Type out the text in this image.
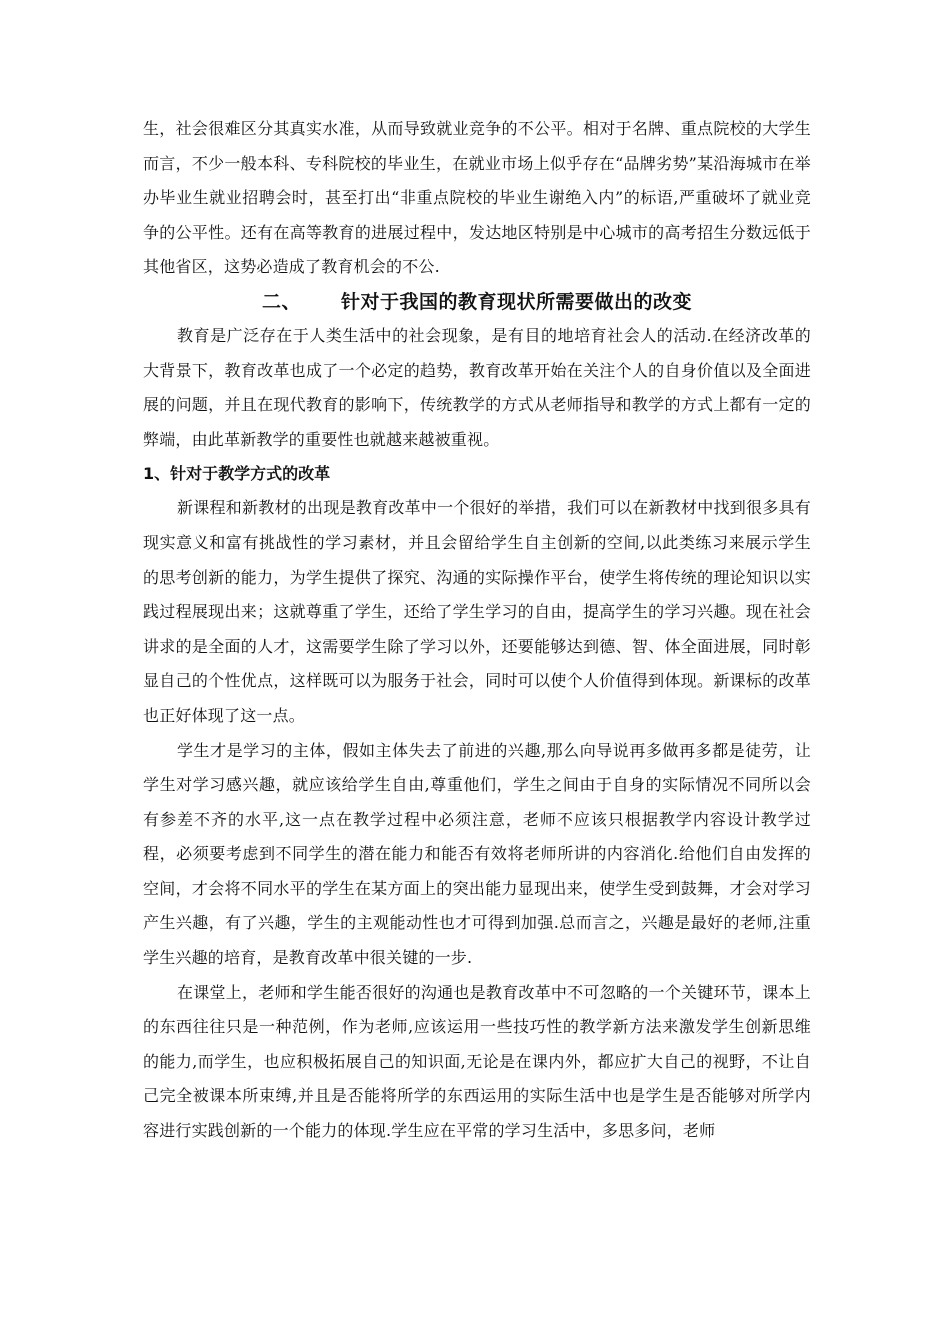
生，社会很难区分其真实水准，从而导致就业竞争的不公平。相对于名牌、重点院校的大学生而言，不少一般本科、专科院校的毕业生，在就业市场上似乎存在“品牌劣势”某沿海城市在举办毕业生就业招聘会时，甚至打出“非重点院校的毕业生谢绝入内”的标语,严重破坏了就业竞争的公平性。还有在高等教育的进展过程中，发达地区特别是中心城市的高考招生分数远低于其他省区，这势必造成了教育机会的不公.

二、 针对于我国的教育现状所需要做出的改变

教育是广泛存在于人类生活中的社会现象，是有目的地培育社会人的活动.在经济改革的大背景下，教育改革也成了一个必定的趋势，教育改革开始在关注个人的自身价值以及全面进展的问题，并且在现代教育的影响下，传统教学的方式从老师指导和教学的方式上都有一定的弊端，由此革新教学的重要性也就越来越被重视。

1、针对于教学方式的改革

新课程和新教材的出现是教育改革中一个很好的举措，我们可以在新教材中找到很多具有现实意义和富有挑战性的学习素材，并且会留给学生自主创新的空间,以此类练习来展示学生的思考创新的能力，为学生提供了探究、沟通的实际操作平台，使学生将传统的理论知识以实践过程展现出来；这就尊重了学生，还给了学生学习的自由，提高学生的学习兴趣。现在社会讲求的是全面的人才，这需要学生除了学习以外，还要能够达到德、智、体全面进展，同时彰显自己的个性优点，这样既可以为服务于社会，同时可以使个人价值得到体现。新课标的改革也正好体现了这一点。

学生才是学习的主体，假如主体失去了前进的兴趣,那么向导说再多做再多都是徒劳，让学生对学习感兴趣，就应该给学生自由,尊重他们，学生之间由于自身的实际情况不同所以会有参差不齐的水平,这一点在教学过程中必须注意，老师不应该只根据教学内容设计教学过程，必须要考虑到不同学生的潜在能力和能否有效将老师所讲的内容消化.给他们自由发挥的空间，才会将不同水平的学生在某方面上的突出能力显现出来，使学生受到鼓舞，才会对学习产生兴趣，有了兴趣，学生的主观能动性也才可得到加强.总而言之，兴趣是最好的老师,注重学生兴趣的培育，是教育改革中很关键的一步.

在课堂上，老师和学生能否很好的沟通也是教育改革中不可忽略的一个关键环节，课本上的东西往往只是一种范例，作为老师,应该运用一些技巧性的教学新方法来激发学生创新思维的能力,而学生，也应积极拓展自己的知识面,无论是在课内外，都应扩大自己的视野，不让自己完全被课本所束缚,并且是否能将所学的东西运用的实际生活中也是学生是否能够对所学内容进行实践创新的一个能力的体现.学生应在平常的学习生活中，多思多问，老师
